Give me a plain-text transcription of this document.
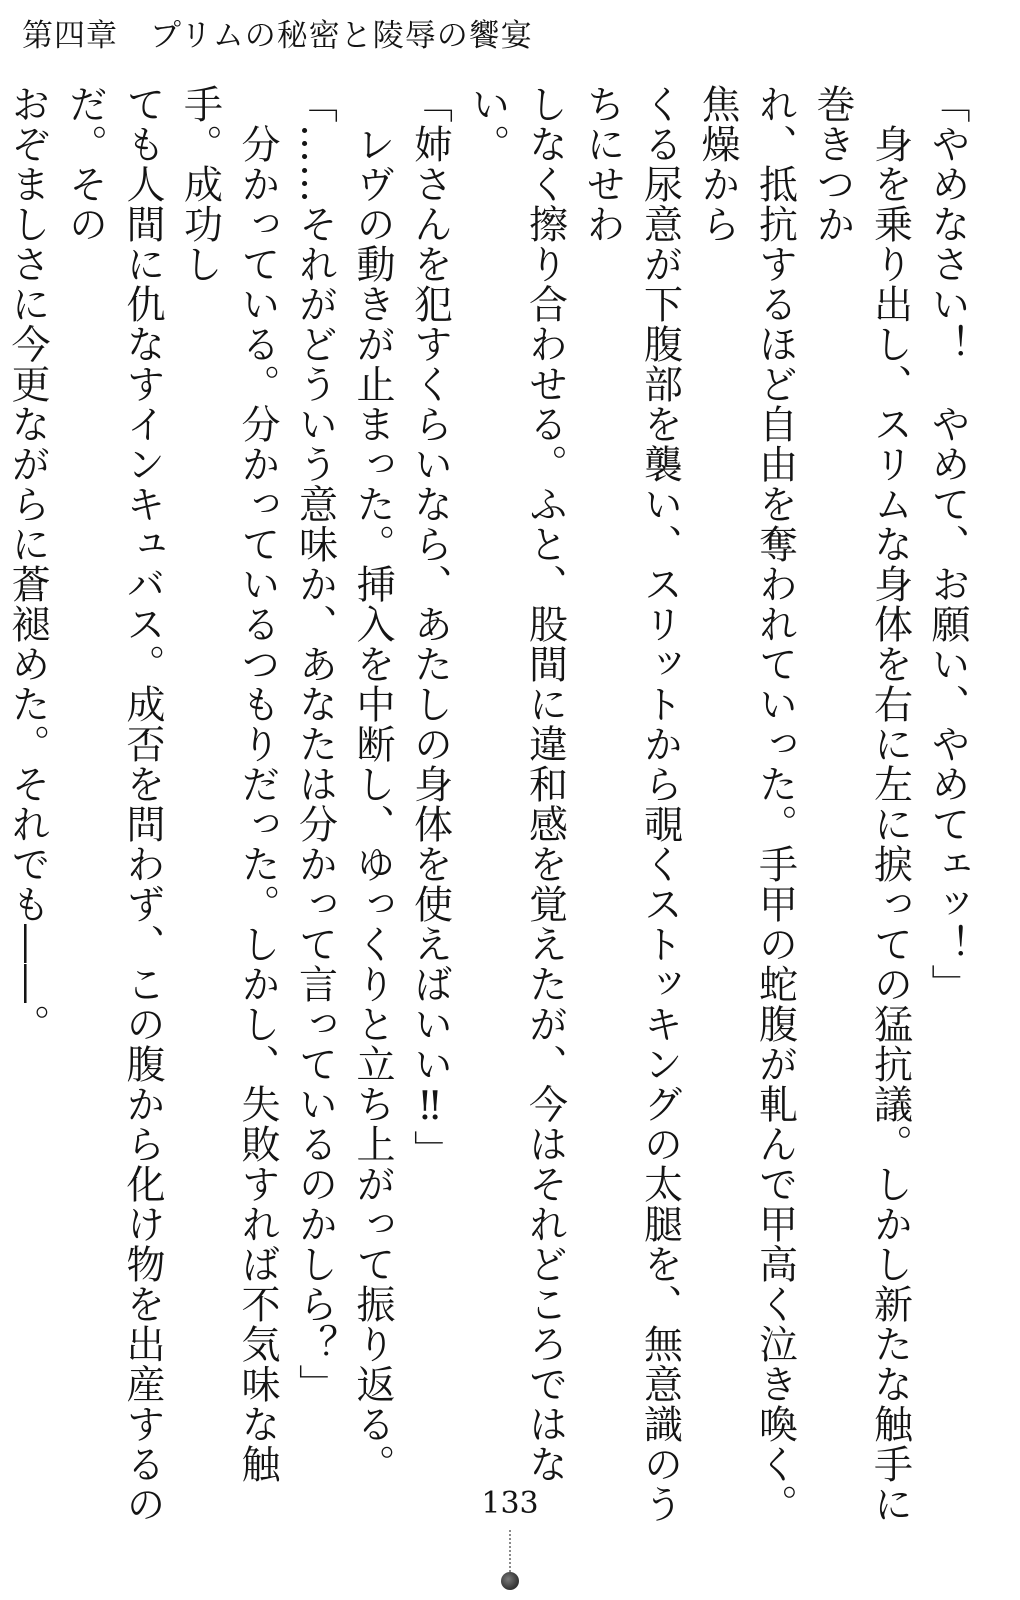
第四章　プリムの秘密と陵辱の饗宴

「やめなさい！　やめて、お願い、やめてェッ！」

　身を乗り出し、スリムな身体を右に左に捩っての猛抗議。しかし新たな触手に巻きつか

れ、抵抗するほど自由を奪われていった。手甲の蛇腹が軋んで甲高く泣き喚く。焦燥から

くる尿意が下腹部を襲い、スリットから覗くストッキングの太腿を、無意識のうちにせわ

しなく擦り合わせる。ふと、股間に違和感を覚えたが、今はそれどころではない。

「姉さんを犯すくらいなら、あたしの身体を使えばいい‼」

　レヴの動きが止まった。挿入を中断し、ゆっくりと立ち上がって振り返る。

「……それがどういう意味か、あなたは分かって言っているのかしら？」

　分かっている。分かっているつもりだった。しかし、失敗すれば不気味な触手。成功し

ても人間に仇なすインキュバス。成否を問わず、この腹から化け物を出産するのだ。その

おぞましさに今更ながらに蒼褪めた。それでも――。

133
